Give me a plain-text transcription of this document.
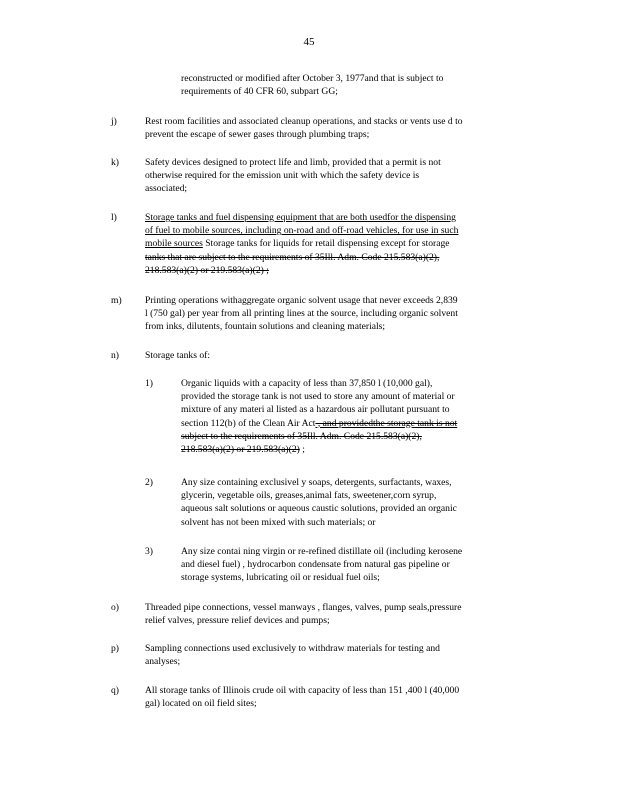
45
reconstructed or modified after October 3, 1977and that is subject to
requirements of 40 CFR 60, subpart GG;
j)	Rest room facilities and associated cleanup operations, and stacks or vents use d to
prevent the escape of sewer gases through plumbing traps;
k)	Safety devices designed to protect life and limb, provided that a permit is not
otherwise required for the emission unit with which the safety device is
associated;
l)	Storage tanks and fuel dispensing equipment that are both usedfor the dispensing
of fuel to mobile sources, including on-road and off-road vehicles, for use in such
mobile sources Storage tanks for liquids for retail dispensing except for storage
tanks that are subject to the requirements of 35Ill. Adm. Code 215.583(a)(2),
218.583(a)(2) or 219.583(a)(2) ;
m) Printing operations withaggregate organic solvent usage that never exceeds 2,839
l (750 gal) per year from all printing lines at the source, including organic solvent
from inks, dilutents, fountain solutions and cleaning materials;
n)	Storage tanks of:
1)	Organic liquids with a capacity of less than 37,850 l (10,000 gal),
provided the storage tank is not used to store any amount of material or
mixture of any materi al listed as a hazardous air pollutant pursuant to
section 112(b) of the Clean Air Act , and providedthe storage tank is not
subject to the requirements of 35Ill. Adm. Code 215.583(a)(2),
218.583(a)(2) or 219.583(a)(2) ;
2)	Any size containing exclusivel y soaps, detergents, surfactants, waxes,
glycerin, vegetable oils, greases,animal fats, sweetener,corn syrup,
aqueous salt solutions or aqueous caustic solutions, provided an organic
solvent has not been mixed with such materials; or
3)	Any size contai ning virgin or re-refined distillate oil (including kerosene
and diesel fuel) , hydrocarbon condensate from natural gas pipeline or
storage systems, lubricating oil or residual fuel oils;
o)	Threaded pipe connections, vessel manways , flanges, valves, pump seals,pressure
relief valves, pressure relief devices and pumps;
p)	Sampling connections used exclusively to withdraw materials for testing and
analyses;
q)	All storage tanks of Illinois crude oil with capacity of less than 151 ,400 l (40,000
gal) located on oil field sites;
